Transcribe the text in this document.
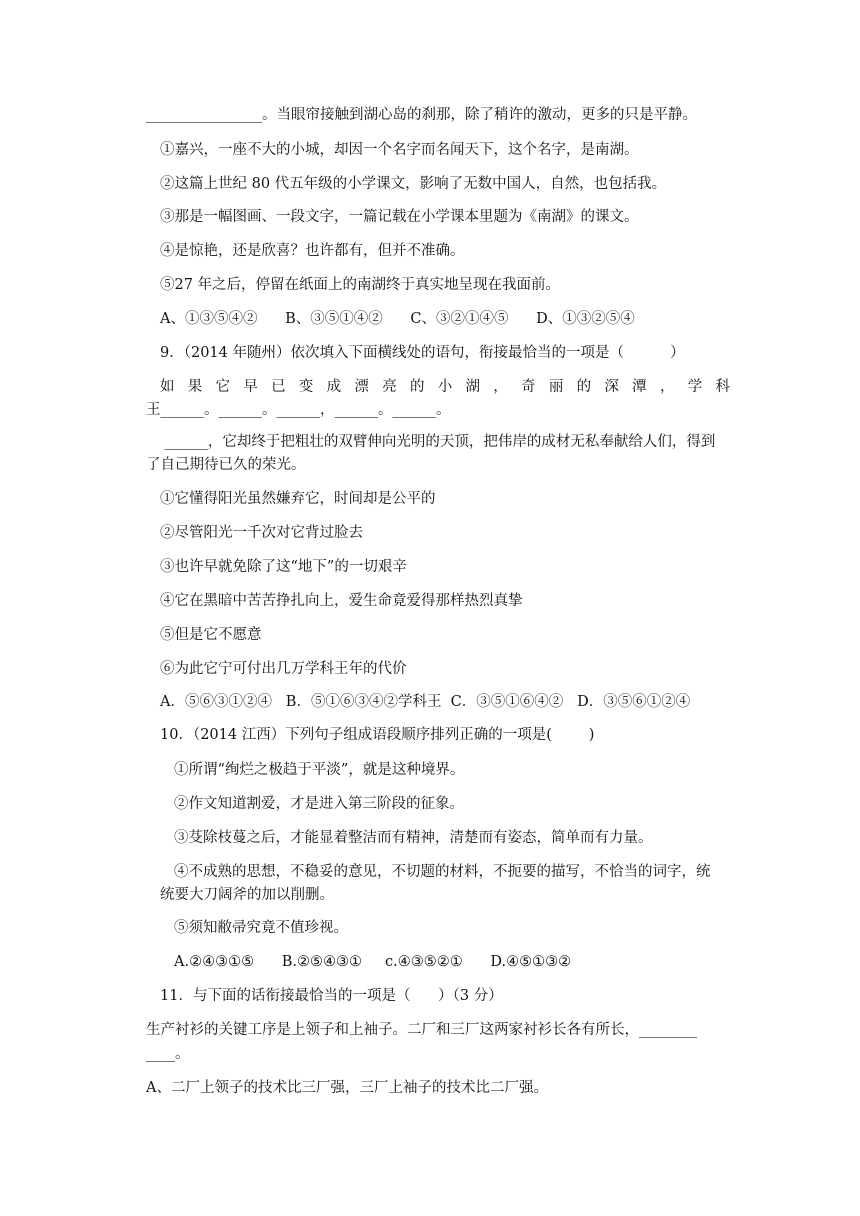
________________。当眼帘接触到湖心岛的刹那，除了稍许的激动，更多的只是平静。
①嘉兴，一座不大的小城，却因一个名字而名闻天下，这个名字，是南湖。
②这篇上世纪 80 代五年级的小学课文，影响了无数中国人，自然，也包括我。
③那是一幅图画、一段文字，一篇记载在小学课本里题为《南湖》的课文。
④是惊艳，还是欣喜？也许都有，但并不准确。
⑤27 年之后，停留在纸面上的南湖终于真实地呈现在我面前。
A、①③⑤④②      B、③⑤①④②      C、③②①④⑤      D、①③②⑤④
9．（2014 年随州）依次填入下面横线处的语句，衔接最恰当的一项是（          ）
如 果 它 早 已 变 成 漂 亮 的 小 湖 ， 奇 丽 的 深 潭 ， 学 科
王______。______。______，______。______。
______，它却终于把粗壮的双臂伸向光明的天顶，把伟岸的成材无私奉献给人们，得到
了自己期待已久的荣光。
①它懂得阳光虽然嫌弃它，时间却是公平的
②尽管阳光一千次对它背过脸去
③也许早就免除了这“地下”的一切艰辛
④它在黑暗中苦苦挣扎向上，爱生命竟爱得那样热烈真挚
⑤但是它不愿意
⑥为此它宁可付出几万学科王年的代价
A．⑤⑥③①②④   B．⑤①⑥③④②学科王  C．③⑤①⑥④②   D．③⑤⑥①②④
10．（2014 江西）下列句子组成语段顺序排列正确的一项是(        )
①所谓“绚烂之极趋于平淡”，就是这种境界。
②作文知道割爱，才是进入第三阶段的征象。
③芟除枝蔓之后，才能显着整洁而有精神，清楚而有姿态，简单而有力量。
④不成熟的思想，不稳妥的意见，不切题的材料，不扼要的描写，不恰当的词字，统
统要大刀阔斧的加以削删。
⑤须知敝帚究竟不值珍视。
A.②④③①⑤      B.②⑤④③①     c.④③⑤②①      D.④⑤①③②
11．与下面的话衔接最恰当的一项是（      ）（3 分）
生产衬衫的关键工序是上领子和上袖子。二厂和三厂这两家衬衫长各有所长，________
____。
A、二厂上领子的技术比三厂强，三厂上袖子的技术比二厂强。
